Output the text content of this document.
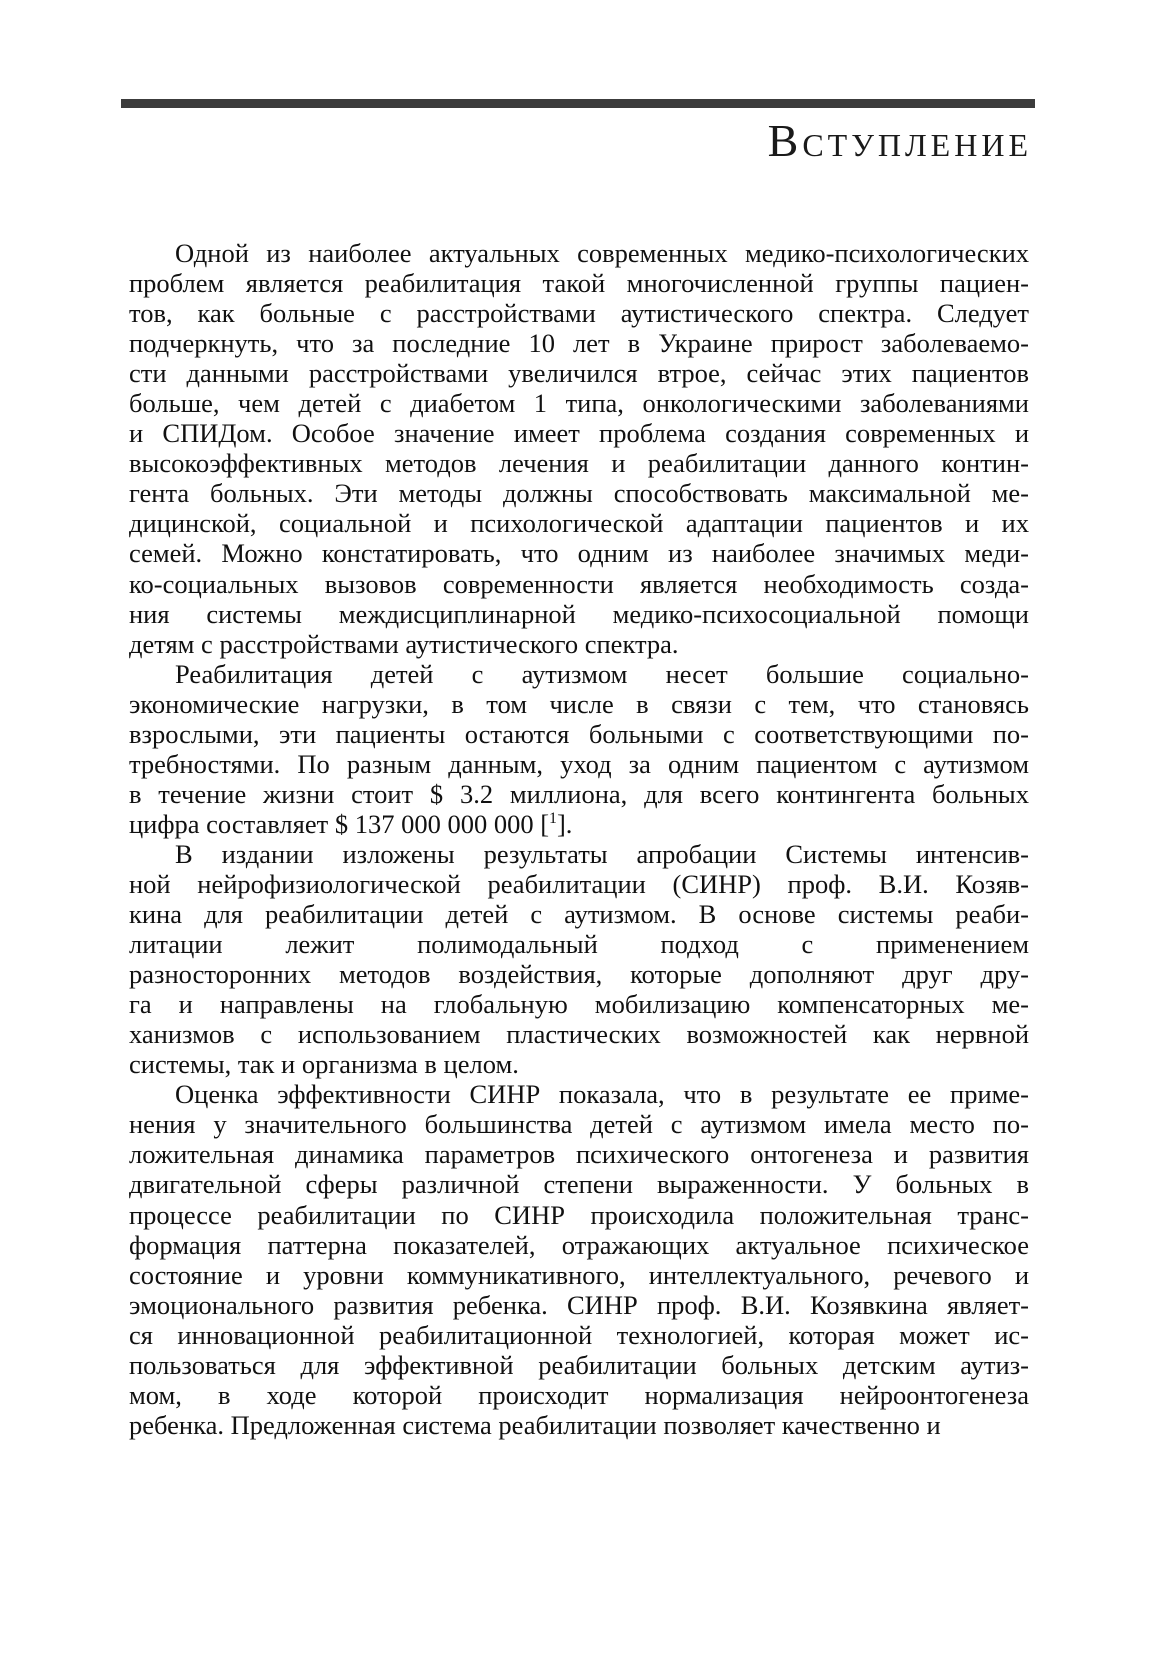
Вступление
Одной из наиболее актуальных современных медико-психологических
проблем является реабилитация такой многочисленной группы пациен-
тов, как больные с расстройствами аутистического спектра. Следует
подчеркнуть, что за последние 10 лет в Украине прирост заболеваемо-
сти данными расстройствами увеличился втрое, сейчас этих пациентов
больше, чем детей с диабетом 1 типа, онкологическими заболеваниями
и СПИДом. Особое значение имеет проблема создания современных и
высокоэффективных методов лечения и реабилитации данного контин-
гента больных. Эти методы должны способствовать максимальной ме-
дицинской, социальной и психологической адаптации пациентов и их
семей. Можно констатировать, что одним из наиболее значимых меди-
ко-социальных вызовов современности является необходимость созда-
ния системы междисциплинарной медико-психосоциальной помощи
детям с расстройствами аутистического спектра.
Реабилитация детей с аутизмом несет большие социально-
экономические нагрузки, в том числе в связи с тем, что становясь
взрослыми, эти пациенты остаются больными с соответствующими по-
требностями. По разным данным, уход за одним пациентом с аутизмом
в течение жизни стоит $ 3.2 миллиона, для всего контингента больных
цифра составляет $ 137 000 000 000 [$^1$].
В издании изложены результаты апробации Системы интенсив-
ной нейрофизиологической реабилитации (СИНР) проф. В.И. Козяв-
кина для реабилитации детей с аутизмом. В основе системы реаби-
литации лежит полимодальный подход с применением
разносторонних методов воздействия, которые дополняют друг дру-
га и направлены на глобальную мобилизацию компенсаторных ме-
ханизмов с использованием пластических возможностей как нервной
системы, так и организма в целом.
Оценка эффективности СИНР показала, что в результате ее приме-
нения у значительного большинства детей с аутизмом имела место по-
ложительная динамика параметров психического онтогенеза и развития
двигательной сферы различной степени выраженности. У больных в
процессе реабилитации по СИНР происходила положительная транс-
формация паттерна показателей, отражающих актуальное психическое
состояние и уровни коммуникативного, интеллектуального, речевого и
эмоционального развития ребенка. СИНР проф. В.И. Козявкина являет-
ся инновационной реабилитационной технологией, которая может ис-
пользоваться для эффективной реабилитации больных детским аутиз-
мом, в ходе которой происходит нормализация нейроонтогенеза
ребенка. Предложенная система реабилитации позволяет качественно и
